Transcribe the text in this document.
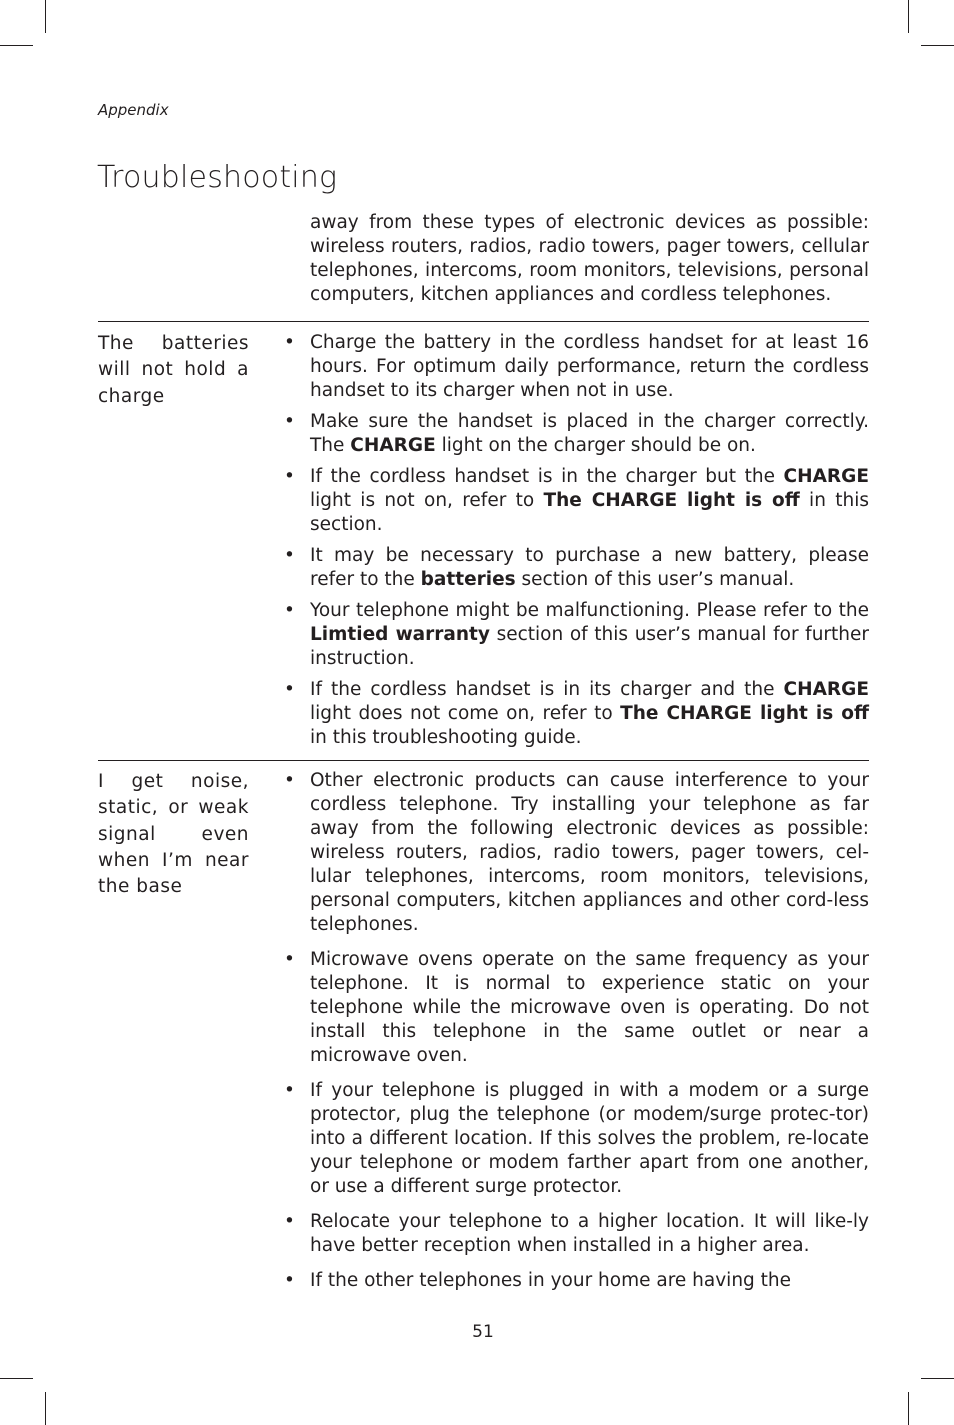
Appendix
Troubleshooting
away from these types of electronic devices as possible: wireless routers, radios, radio towers, pager towers, cellular telephones, intercoms, room monitors, televisions, personal computers, kitchen appliances and cordless telephones.
The batteries will not hold a charge
• Charge the battery in the cordless handset for at least 16 hours. For optimum daily performance, return the cordless handset to its charger when not in use.
• Make sure the handset is placed in the charger correctly. The CHARGE light on the charger should be on.
• If the cordless handset is in the charger but the CHARGE light is not on, refer to The CHARGE light is off in this section.
• It may be necessary to purchase a new battery, please refer to the batteries section of this user’s manual.
• Your telephone might be malfunctioning. Please refer to the Limtied warranty section of this user’s manual for further instruction.
• If the cordless handset is in its charger and the CHARGE light does not come on, refer to The CHARGE light is off in this troubleshooting guide.
I get noise, static, or weak signal even when I’m near the base
• Other electronic products can cause interference to your cordless telephone. Try installing your telephone as far away from the following electronic devices as possible: wireless routers, radios, radio towers, pager towers, cel-lular telephones, intercoms, room monitors, televisions, personal computers, kitchen appliances and other cord-less telephones.
• Microwave ovens operate on the same frequency as your telephone. It is normal to experience static on your telephone while the microwave oven is operating. Do not install this telephone in the same outlet or near a microwave oven.
• If your telephone is plugged in with a modem or a surge protector, plug the telephone (or modem/surge protec-tor) into a different location. If this solves the problem, re-locate your telephone or modem farther apart from one another, or use a different surge protector.
• Relocate your telephone to a higher location. It will like-ly have better reception when installed in a higher area.
• If the other telephones in your home are having the
51
